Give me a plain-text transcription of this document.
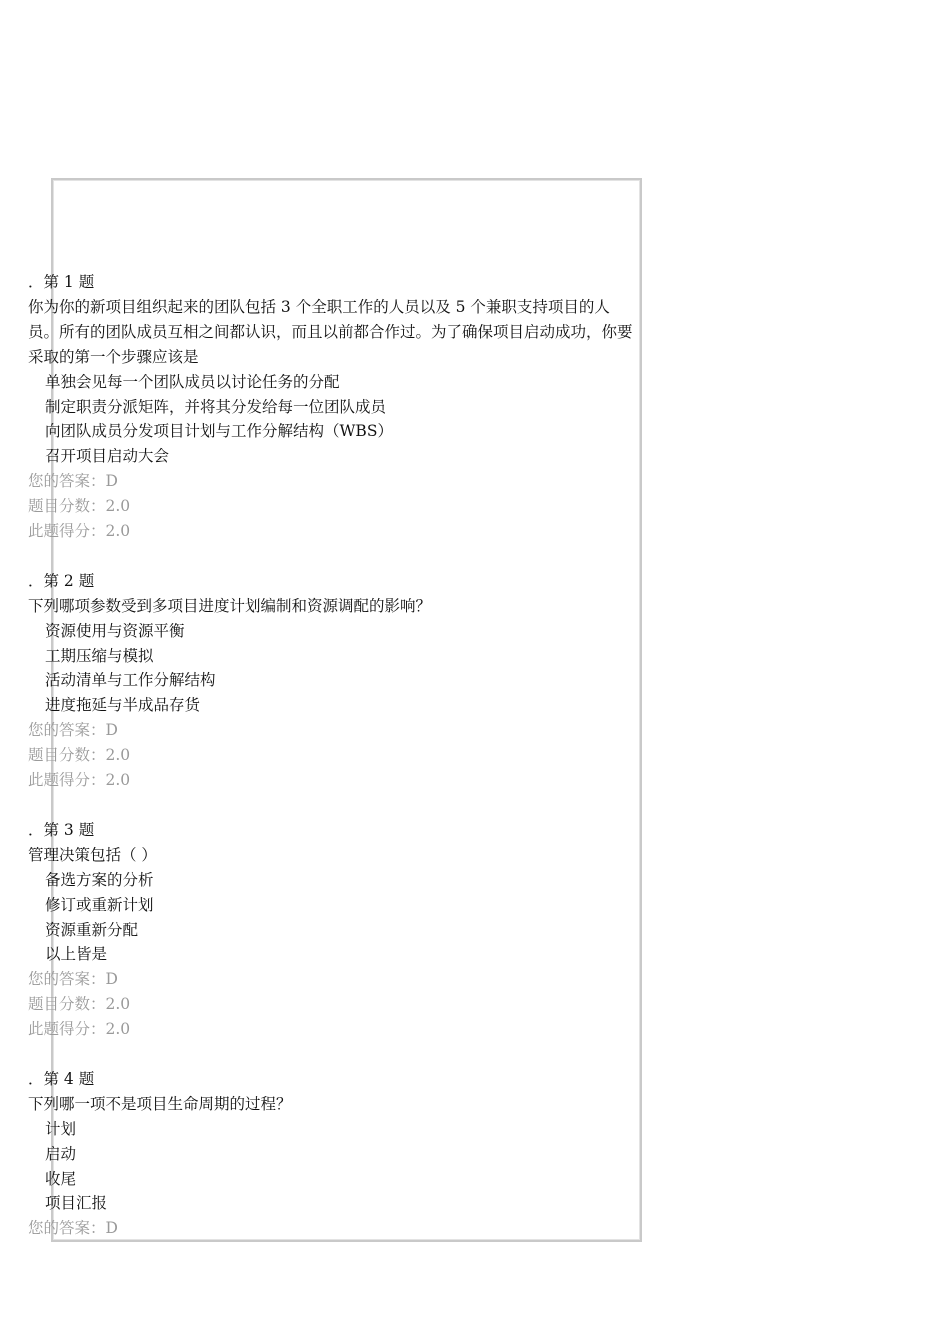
．第 1 题
你为你的新项目组织起来的团队包括 3 个全职工作的人员以及 5 个兼职支持项目的人
员。所有的团队成员互相之间都认识，而且以前都合作过。为了确保项目启动成功，你要
采取的第一个步骤应该是
单独会见每一个团队成员以讨论任务的分配
制定职责分派矩阵，并将其分发给每一位团队成员
向团队成员分发项目计划与工作分解结构（WBS）
召开项目启动大会
您的答案：D
题目分数：2.0
此题得分：2.0
．第 2 题
下列哪项参数受到多项目进度计划编制和资源调配的影响？
资源使用与资源平衡
工期压缩与模拟
活动清单与工作分解结构
进度拖延与半成品存货
您的答案：D
题目分数：2.0
此题得分：2.0
．第 3 题
管理决策包括（ ）
备选方案的分析
修订或重新计划
资源重新分配
以上皆是
您的答案：D
题目分数：2.0
此题得分：2.0
．第 4 题
下列哪一项不是项目生命周期的过程？
计划
启动
收尾
项目汇报
您的答案：D
